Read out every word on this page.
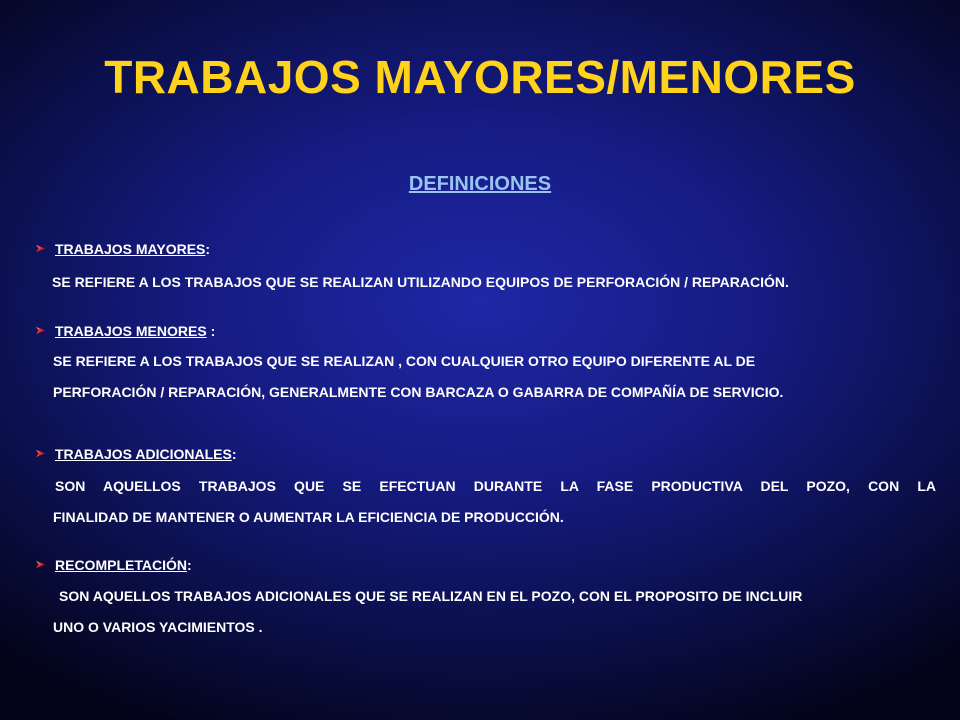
TRABAJOS MAYORES/MENORES
DEFINICIONES
TRABAJOS MAYORES:
SE REFIERE A LOS TRABAJOS QUE SE REALIZAN UTILIZANDO EQUIPOS DE PERFORACIÓN / REPARACIÓN.
TRABAJOS MENORES :
SE REFIERE A LOS TRABAJOS QUE SE REALIZAN , CON CUALQUIER OTRO EQUIPO DIFERENTE AL DE
PERFORACIÓN / REPARACIÓN, GENERALMENTE CON BARCAZA O GABARRA DE COMPAÑÍA DE SERVICIO.
TRABAJOS ADICIONALES:
SON AQUELLOS TRABAJOS QUE SE EFECTUAN DURANTE LA FASE PRODUCTIVA DEL POZO, CON LA
FINALIDAD DE MANTENER O AUMENTAR LA EFICIENCIA DE PRODUCCIÓN.
RECOMPLETACIÓN:
SON AQUELLOS TRABAJOS ADICIONALES QUE SE REALIZAN EN EL POZO, CON EL PROPOSITO DE INCLUIR
UNO O VARIOS YACIMIENTOS .
